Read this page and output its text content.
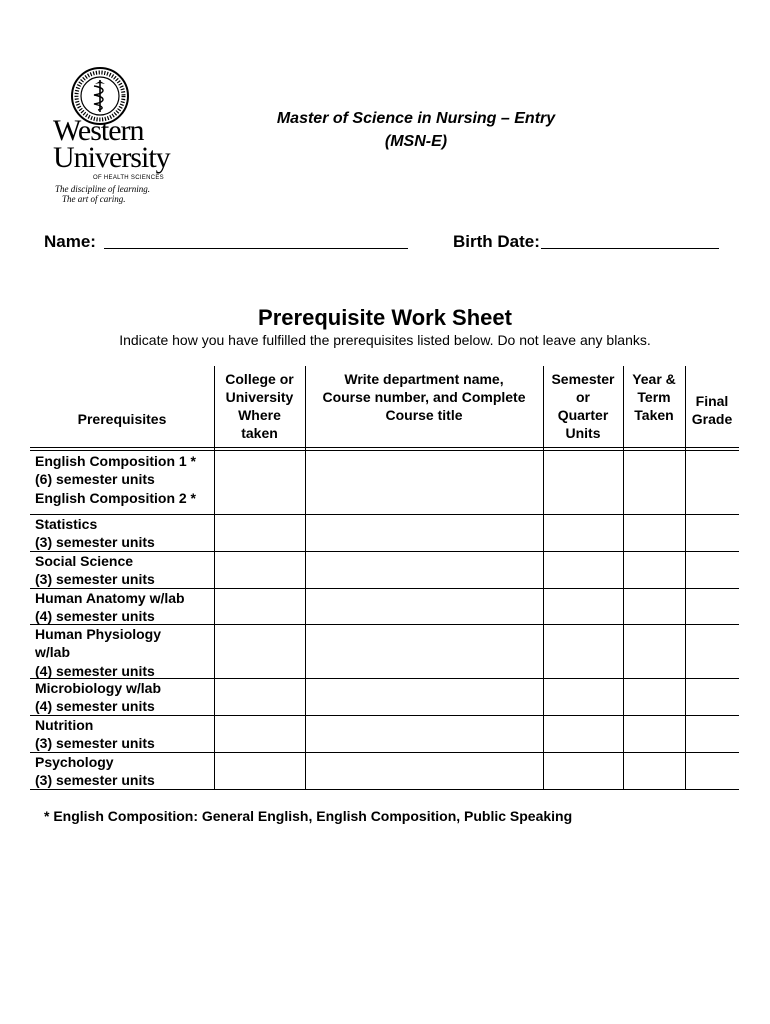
Western
University
OF HEALTH SCIENCES
The discipline of learning.
The art of caring.
Master of Science in Nursing – Entry
(MSN-E)
Name:	Birth Date:
Prerequisite Work Sheet
Indicate how you have fulfilled the prerequisites listed below. Do not leave any blanks.
Prerequisites
College or
University
Where
taken
Write department name,
Course number, and Complete
Course title
Semester
or
Quarter
Units
Year &
Term
Taken
Final
Grade
English Composition 1 *
(6) semester units
English Composition 2 *
Statistics
(3) semester units
Social Science
(3) semester units
Human Anatomy w/lab
(4) semester units
Human Physiology
w/lab
(4) semester units
Microbiology w/lab
(4) semester units
Nutrition
(3) semester units
Psychology
(3) semester units
* English Composition: General English, English Composition, Public Speaking
